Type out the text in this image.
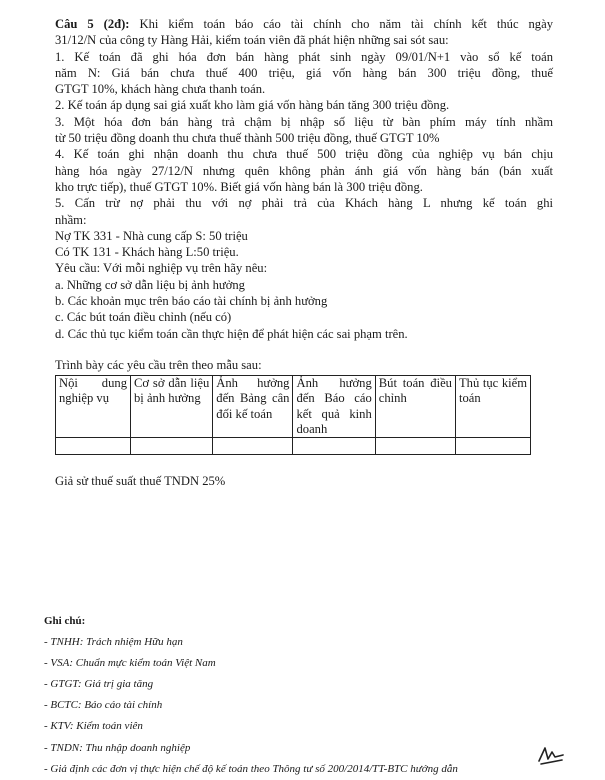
Câu 5 (2đ): Khi kiểm toán báo cáo tài chính cho năm tài chính kết thúc ngày
31/12/N của công ty Hàng Hải, kiểm toán viên đã phát hiện những sai sót sau:
1. Kế toán đã ghi hóa đơn bán hàng phát sinh ngày 09/01/N+1 vào sổ kế toán
năm N: Giá bán chưa thuế 400 triệu, giá vốn hàng bán 300 triệu đồng, thuế
GTGT 10%, khách hàng chưa thanh toán.
2. Kế toán áp dụng sai giá xuất kho làm giá vốn hàng bán tăng 300 triệu đồng.
3. Một hóa đơn bán hàng trả chậm bị nhập số liệu từ bàn phím máy tính nhầm
từ 50 triệu đồng doanh thu chưa thuế thành 500 triệu đồng, thuế GTGT 10%
4. Kế toán ghi nhận doanh thu chưa thuế 500 triệu đồng của nghiệp vụ bán chịu
hàng hóa ngày 27/12/N nhưng quên không phản ánh giá vốn hàng bán (bán xuất
kho trực tiếp), thuế GTGT 10%. Biết giá vốn hàng bán là 300 triệu đồng.
5. Cấn trừ nợ phải thu với nợ phải trả của Khách hàng L nhưng kế toán ghi
nhầm:
Nợ TK 331 - Nhà cung cấp S: 50 triệu
Có TK 131 - Khách hàng L:50 triệu.
Yêu cầu: Với mỗi nghiệp vụ trên hãy nêu:
a. Những cơ sở dẫn liệu bị ảnh hưởng
b. Các khoản mục trên báo cáo tài chính bị ảnh hưởng
c. Các bút toán điều chỉnh (nếu có)
d. Các thủ tục kiểm toán cần thực hiện để phát hiện các sai phạm trên.
Trình bày các yêu cầu trên theo mẫu sau:
Nội dung nghiệp vụ	Cơ sở dẫn liệu bị ảnh hưởng	Ảnh hưởng đến Bảng cân đối kế toán	Ảnh hưởng đến Báo cáo kết quả kinh doanh	Bút toán điều chỉnh	Thủ tục kiểm toán

Giả sử thuế suất thuế TNDN 25%
Ghi chú:
- TNHH: Trách nhiệm Hữu hạn
- VSA: Chuẩn mực kiểm toán Việt Nam
- GTGT: Giá trị gia tăng
- BCTC: Báo cáo tài chính
- KTV: Kiểm toán viên
- TNDN: Thu nhập doanh nghiệp
- Giả định các đơn vị thực hiện chế độ kế toán theo Thông tư số 200/2014/TT-BTC hướng dẫn
